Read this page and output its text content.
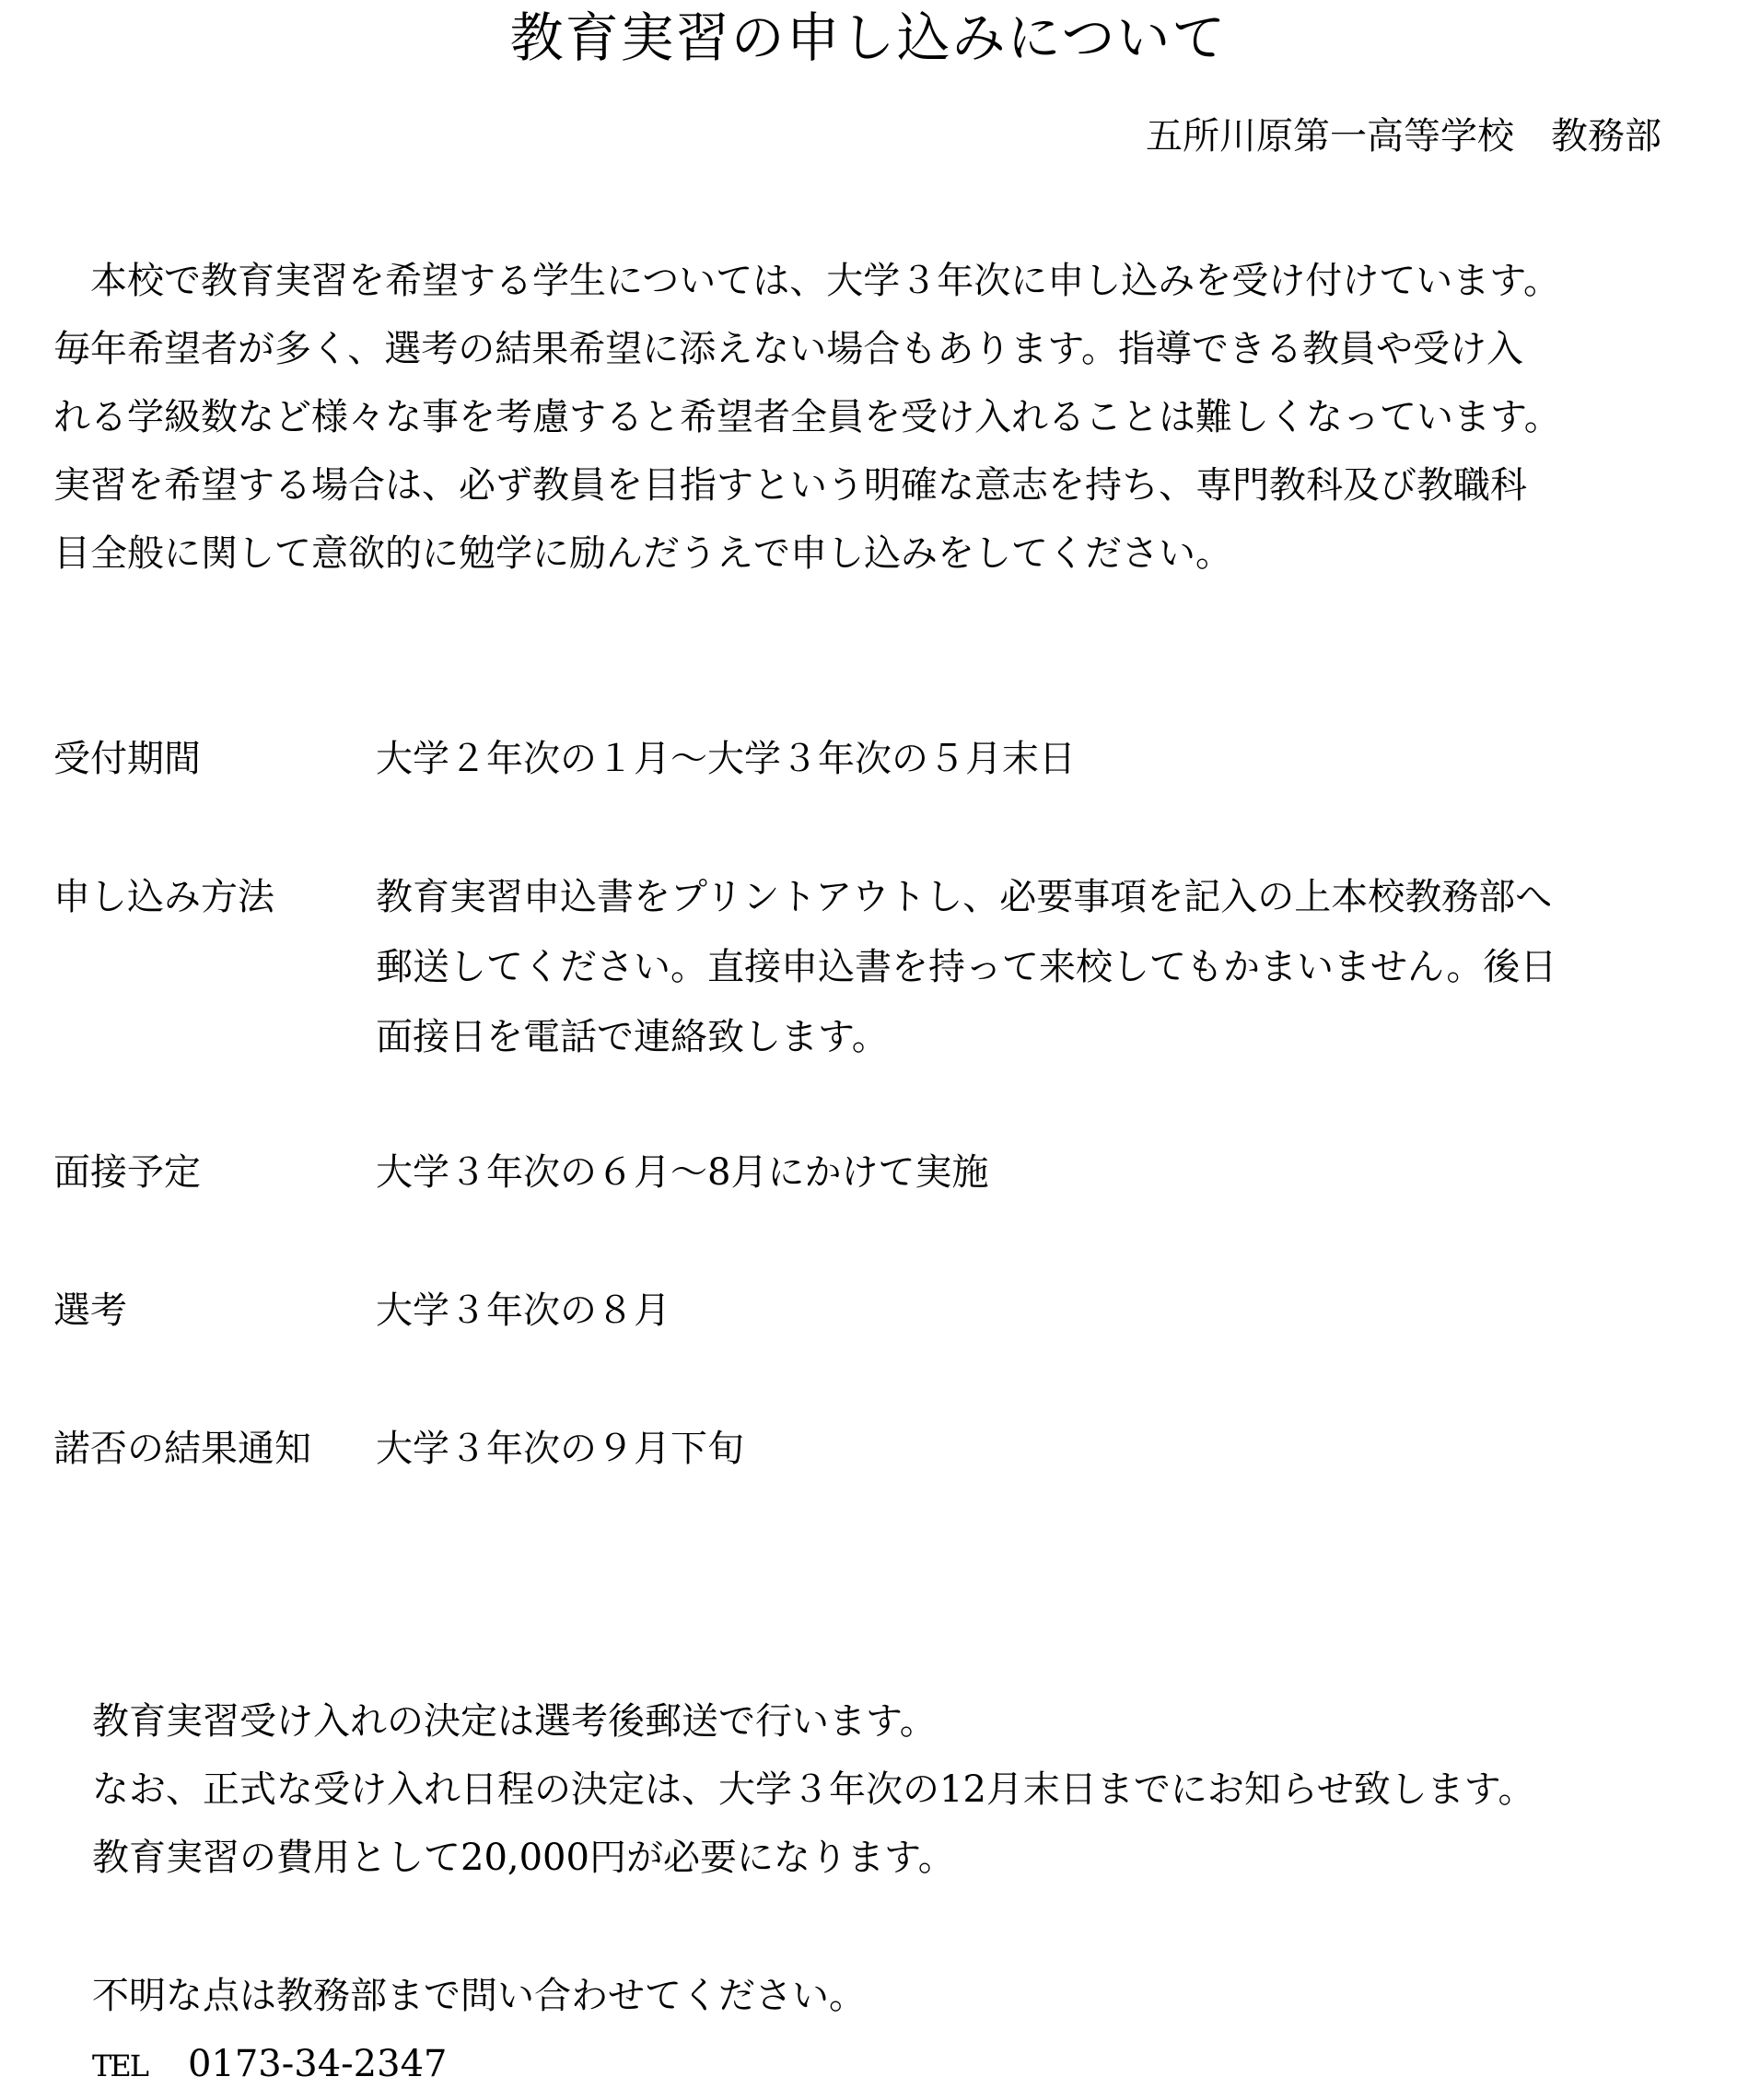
教育実習の申し込みについて
五所川原第一高等学校　教務部
本校で教育実習を希望する学生については、大学３年次に申し込みを受け付けています。
毎年希望者が多く、選考の結果希望に添えない場合もあります。指導できる教員や受け入
れる学級数など様々な事を考慮すると希望者全員を受け入れることは難しくなっています。
実習を希望する場合は、必ず教員を目指すという明確な意志を持ち、専門教科及び教職科
目全般に関して意欲的に勉学に励んだうえで申し込みをしてください。
受付期間	大学２年次の１月～大学３年次の５月末日
申し込み方法	教育実習申込書をプリントアウトし、必要事項を記入の上本校教務部へ
郵送してください。直接申込書を持って来校してもかまいません。後日
面接日を電話で連絡致します。
面接予定	大学３年次の６月～8月にかけて実施
選考	大学３年次の８月
諾否の結果通知 大学３年次の９月下旬
教育実習受け入れの決定は選考後郵送で行います。
なお、正式な受け入れ日程の決定は、大学３年次の12月末日までにお知らせ致します。
教育実習の費用として20,000円が必要になります。
不明な点は教務部まで問い合わせてください。
TEL 0173-34-2347
